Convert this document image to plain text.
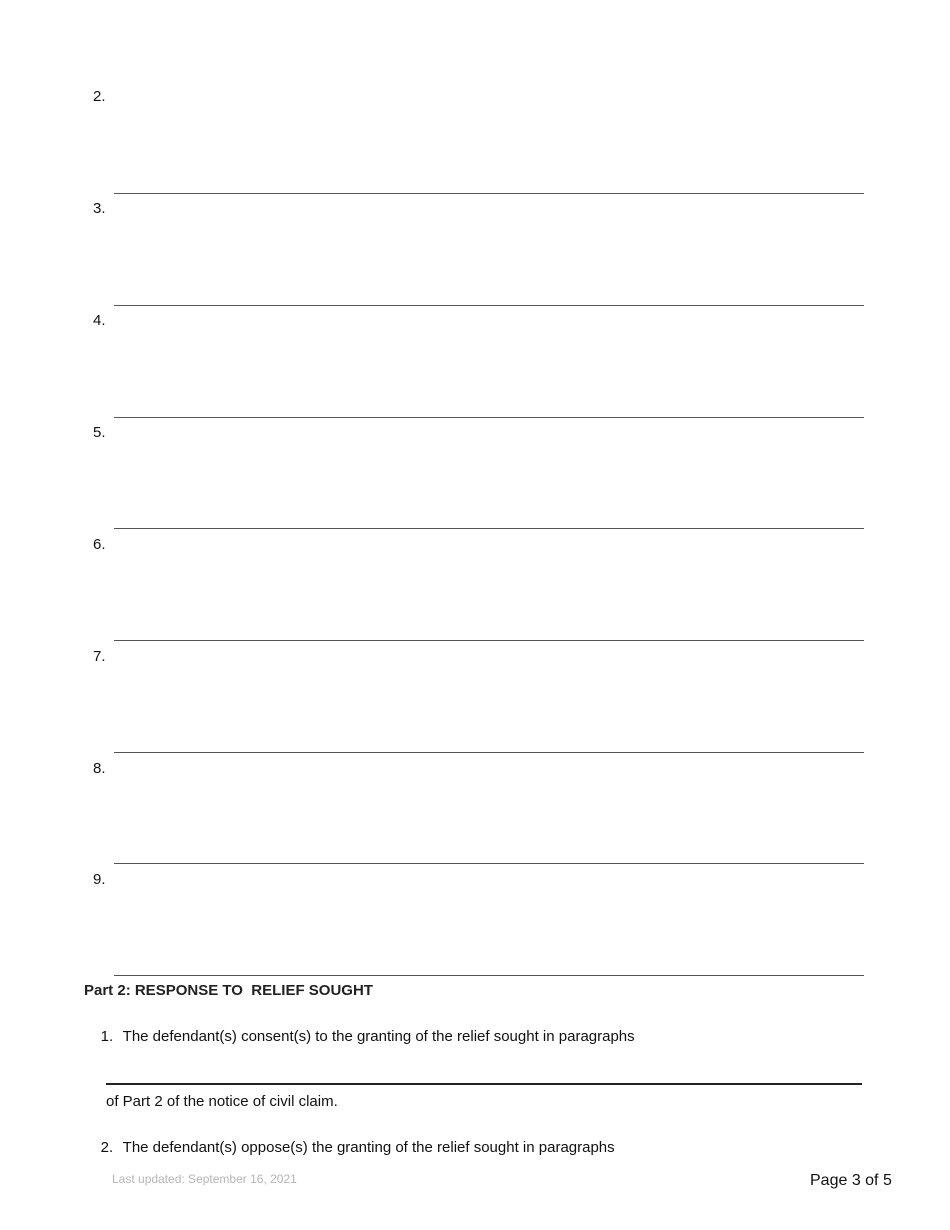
2.
3.
4.
5.
6.
7.
8.
9.
Part 2: RESPONSE TO  RELIEF SOUGHT

1. The defendant(s) consent(s) to the granting of the relief sought in paragraphs

of Part 2 of the notice of civil claim.

2. The defendant(s) oppose(s) the granting of the relief sought in paragraphs

Last updated: September 16, 2021	Page 3 of 5
